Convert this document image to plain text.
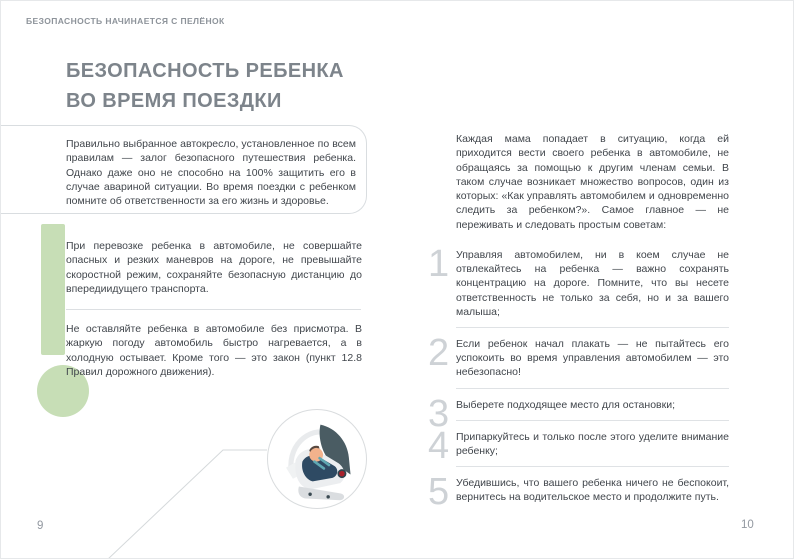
БЕЗОПАСНОСТЬ НАЧИНАЕТСЯ С ПЕЛЁНОК
БЕЗОПАСНОСТЬ РЕБЕНКА
ВО ВРЕМЯ ПОЕЗДКИ

Правильно выбранное автокресло, установленное по всем правилам — залог безопасного путешествия ребенка. Однако даже оно не способно на 100% защитить его в случае авариной ситуации. Во время поездки с ребенком помните об ответственности за его жизнь и здоровье.

При перевозке ребенка в автомобиле, не совершайте опасных и резких маневров на дороге, не превышайте скоростной режим, сохраняйте безопасную дистанцию до впередиидущего транспорта.

Не оставляйте ребенка в автомобиле без присмотра. В жаркую погоду автомобиль быстро нагревается, а в холодную остывает. Кроме того — это закон (пункт 12.8 Правил дорожного движения).

9	10

Каждая мама попадает в ситуацию, когда ей приходится вести своего ребенка в автомобиле, не обращаясь за помощью к другим членам семьи. В таком случае возникает множество вопросов, один из которых: «Как управлять автомобилем и одновременно следить за ребенком?». Самое главное — не переживать и следовать простым советам:

1 Управляя автомобилем, ни в коем случае не отвлекайтесь на ребенка — важно сохранять концентрацию на дороге. Помните, что вы несете ответственность не только за себя, но и за вашего малыша;

2 Если ребенок начал плакать — не пытайтесь его успокоить во время управления автомобилем — это небезопасно!

3 Выберете подходящее место для остановки;

4 Припаркуйтесь и только после этого уделите внимание ребенку;

5 Убедившись, что вашего ребенка ничего не беспокоит, вернитесь на водительское место и продолжите путь.
